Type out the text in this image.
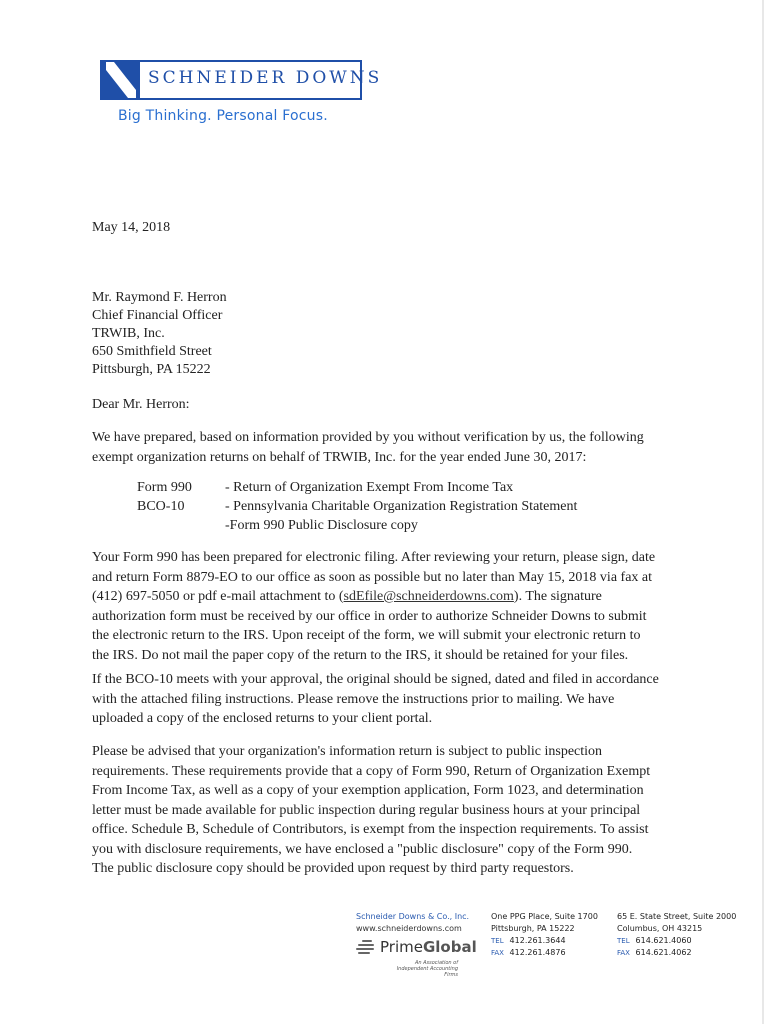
SCHNEIDER DOWNS
Big Thinking. Personal Focus.
May 14, 2018
Mr. Raymond F. Herron
Chief Financial Officer
TRWIB, Inc.
650 Smithfield Street
Pittsburgh, PA 15222
Dear Mr. Herron:
We have prepared, based on information provided by you without verification by us, the following
exempt organization returns on behalf of TRWIB, Inc. for the year ended June 30, 2017:
Form 990	- Return of Organization Exempt From Income Tax
BCO-10	- Pennsylvania Charitable Organization Registration Statement
-Form 990 Public Disclosure copy
Your Form 990 has been prepared for electronic filing. After reviewing your return, please sign, date
and return Form 8879-EO to our office as soon as possible but no later than May 15, 2018 via fax at
(412) 697-5050 or pdf e-mail attachment to (sdEfile@schneiderdowns.com). The signature
authorization form must be received by our office in order to authorize Schneider Downs to submit
the electronic return to the IRS. Upon receipt of the form, we will submit your electronic return to
the IRS. Do not mail the paper copy of the return to the IRS, it should be retained for your files.
If the BCO-10 meets with your approval, the original should be signed, dated and filed in accordance
with the attached filing instructions. Please remove the instructions prior to mailing. We have
uploaded a copy of the enclosed returns to your client portal.
Please be advised that your organization's information return is subject to public inspection
requirements. These requirements provide that a copy of Form 990, Return of Organization Exempt
From Income Tax, as well as a copy of your exemption application, Form 1023, and determination
letter must be made available for public inspection during regular business hours at your principal
office. Schedule B, Schedule of Contributors, is exempt from the inspection requirements. To assist
you with disclosure requirements, we have enclosed a "public disclosure" copy of the Form 990.
The public disclosure copy should be provided upon request by third party requestors.
Schneider Downs & Co., Inc.
www.schneiderdowns.com
PrimeGlobal
An Association of Independent Accounting Firms
One PPG Place, Suite 1700
Pittsburgh, PA 15222
TEL 412.261.3644
FAX 412.261.4876
65 E. State Street, Suite 2000
Columbus, OH 43215
TEL 614.621.4060
FAX 614.621.4062
